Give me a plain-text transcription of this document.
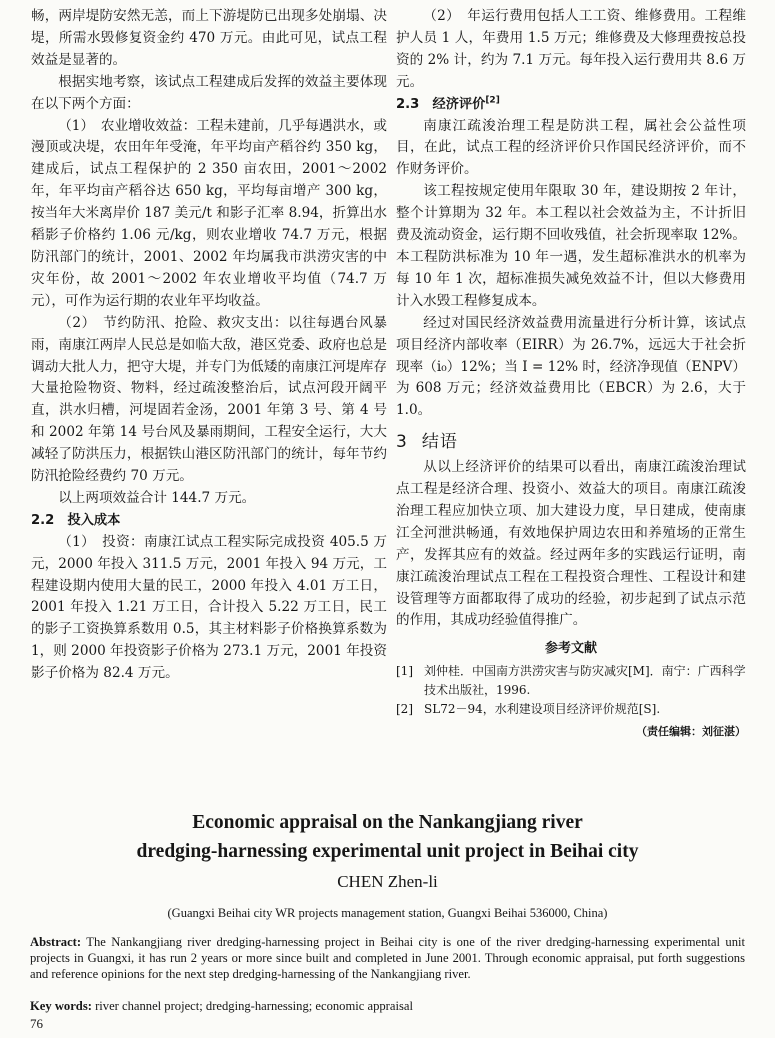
畅，两岸堤防安然无恙，而上下游堤防已出现多处崩塌、决堤，所需水毁修复资金约 470 万元。由此可见，试点工程效益是显著的。

根据实地考察，该试点工程建成后发挥的效益主要体现在以下两个方面：

（1）　农业增收效益：工程未建前，几乎每遇洪水，或漫顶或决堤，农田年年受淹，年平均亩产稻谷约 350 kg，建成后，试点工程保护的 2 350 亩农田，2001～2002 年，年平均亩产稻谷达 650 kg，平均每亩增产 300 kg，按当年大米离岸价 187 美元/t 和影子汇率 8.94，折算出水稻影子价格约 1.06 元/kg，则农业增收 74.7 万元，根据防汛部门的统计，2001、2002 年均属我市洪涝灾害的中灾年份，故 2001～2002 年农业增收平均值（74.7 万元），可作为运行期的农业年平均收益。

（2）　节约防汛、抢险、救灾支出：以往每遇台风暴雨，南康江两岸人民总是如临大敌，港区党委、政府也总是调动大批人力，把守大堤，并专门为低矮的南康江河堤库存大量抢险物资、物料，经过疏浚整治后，试点河段开阔平直，洪水归槽，河堤固若金汤，2001 年第 3 号、第 4 号和 2002 年第 14 号台风及暴雨期间，工程安全运行，大大减轻了防洪压力，根据铁山港区防汛部门的统计，每年节约防汛抢险经费约 70 万元。

以上两项效益合计 144.7 万元。

2.2　投入成本

（1）　投资：南康江试点工程实际完成投资 405.5 万元，2000 年投入 311.5 万元，2001 年投入 94 万元，工程建设期内使用大量的民工，2000 年投入 4.01 万工日，2001 年投入 1.21 万工日，合计投入 5.22 万工日，民工的影子工资换算系数用 0.5，其主材料影子价格换算系数为 1，则 2000 年投资影子价格为 273.1 万元，2001 年投资影子价格为 82.4 万元。

（2）　年运行费用包括人工工资、维修费用。工程维护人员 1 人，年费用 1.5 万元；维修费及大修理费按总投资的 2% 计，约为 7.1 万元。每年投入运行费用共 8.6 万元。

2.3　经济评价[2]

南康江疏浚治理工程是防洪工程，属社会公益性项目，在此，试点工程的经济评价只作国民经济评价，而不作财务评价。

该工程按规定使用年限取 30 年，建设期按 2 年计，整个计算期为 32 年。本工程以社会效益为主，不计折旧费及流动资金，运行期不回收残值，社会折现率取 12%。本工程防洪标准为 10 年一遇，发生超标准洪水的机率为每 10 年 1 次，超标准损失减免效益不计，但以大修费用计入水毁工程修复成本。

经过对国民经济效益费用流量进行分析计算，该试点项目经济内部收率（EIRR）为 26.7%，远远大于社会折现率（i₀）12%；当 I = 12% 时，经济净现值（ENPV）为 608 万元；经济效益费用比（EBCR）为 2.6，大于 1.0。

3 结语

从以上经济评价的结果可以看出，南康江疏浚治理试点工程是经济合理、投资小、效益大的项目。南康江疏浚治理工程应加快立项、加大建设力度，早日建成，使南康江全河泄洪畅通，有效地保护周边农田和养殖场的正常生产，发挥其应有的效益。经过两年多的实践运行证明，南康江疏浚治理试点工程在工程投资合理性、工程设计和建设管理等方面都取得了成功的经验，初步起到了试点示范的作用，其成功经验值得推广。

参考文献
[1] 刘仲桂．中国南方洪涝灾害与防灾减灾[M]．南宁：广西科学技术出版社，1996.
[2] SL72－94，水利建设项目经济评价规范[S].
（责任编辑：刘征湛）
Economic appraisal on the Nankangjiang river
dredging-harnessing experimental unit project in Beihai city
CHEN Zhen-li
(Guangxi Beihai city WR projects management station, Guangxi Beihai 536000, China)
Abstract: The Nankangjiang river dredging-harnessing project in Beihai city is one of the river dredging-harnessing experimental unit projects in Guangxi, it has run 2 years or more since built and completed in June 2001. Through economic appraisal, put forth suggestions and reference opinions for the next step dredging-harnessing of the Nankangjiang river.
Key words: river channel project; dredging-harnessing; economic appraisal
76
